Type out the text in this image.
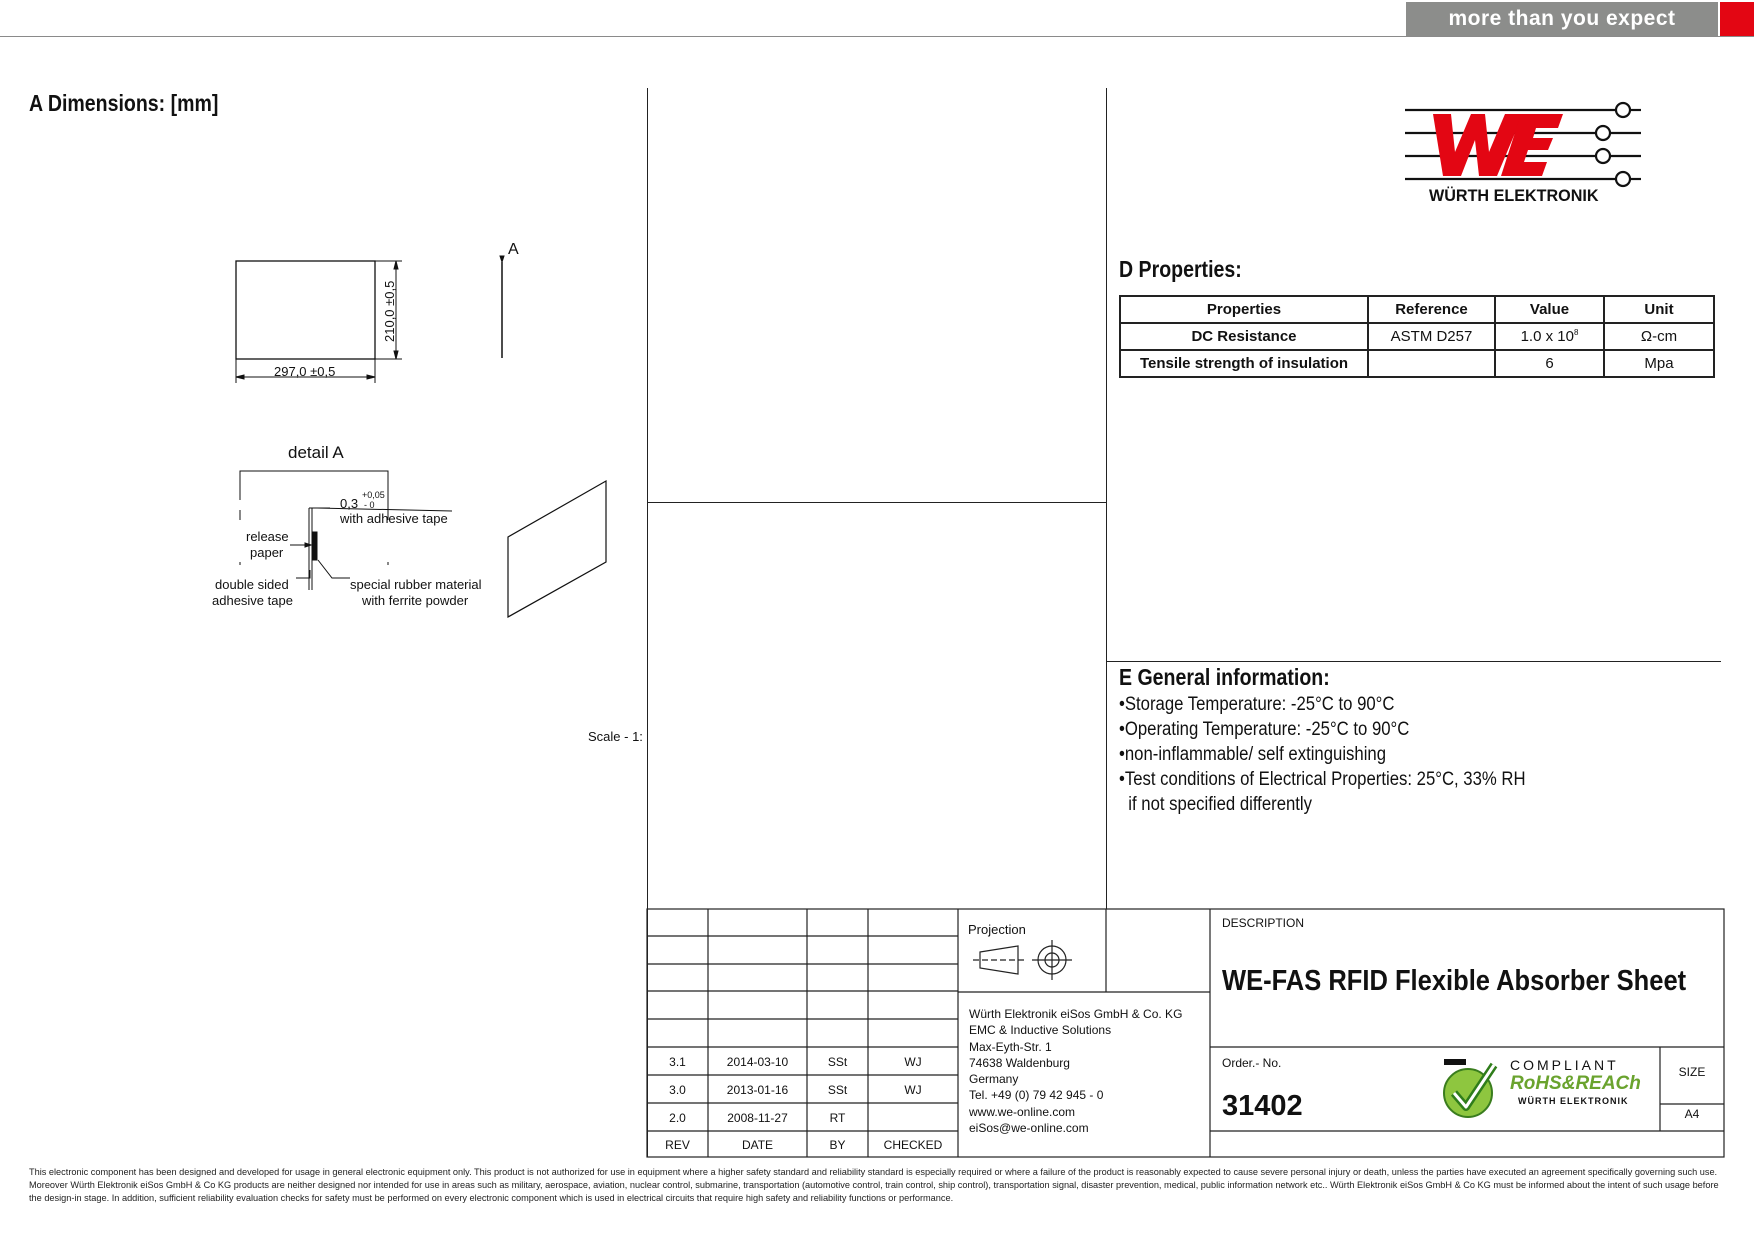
more than you expect
A Dimensions: [mm]
297,0 ±0,5
210,0 ±0,5
A
detail A
0,3
+0,05
- 0
with adhesive tape
release
paper
double sided
adhesive tape
special rubber material
with ferrite powder
Scale - 1:
WÜRTH ELEKTRONIK
D Properties:
Properties	Reference	Value	Unit
DC Resistance	ASTM D257	1.0 x $10^8$	Ω-cm
Tensile strength of insulation		6	Mpa
E General information:
•Storage Temperature: -25°C to 90°C
•Operating Temperature: -25°C to 90°C
•non-inflammable/ self extinguishing
•Test conditions of Electrical Properties: 25°C, 33% RH
if not specified differently
3.1	2014-03-10	SSt	WJ
3.0	2013-01-16	SSt	WJ
2.0	2008-11-27	RT
REV	DATE	BY	CHECKED
Projection
Würth Elektronik eiSos GmbH & Co. KG
EMC & Inductive Solutions
Max-Eyth-Str. 1
74638 Waldenburg
Germany
Tel. +49 (0) 79 42 945 - 0
www.we-online.com
eiSos@we-online.com
DESCRIPTION
WE-FAS RFID Flexible Absorber Sheet
Order.- No.
31402
COMPLIANT
RoHS&REACh
WÜRTH ELEKTRONIK
SIZE
A4
This electronic component has been designed and developed for usage in general electronic equipment only. This product is not authorized for use in equipment where a higher safety standard and reliability standard is especially required or where a failure of the product is reasonably expected to cause severe personal injury or death, unless the parties have executed an agreement specifically governing such use. Moreover Würth Elektronik eiSos GmbH & Co KG products are neither designed nor intended for use in areas such as military, aerospace, aviation, nuclear control, submarine, transportation (automotive control, train control, ship control), transportation signal, disaster prevention, medical, public information network etc.. Würth Elektronik eiSos GmbH & Co KG must be informed about the intent of such usage before the design-in stage. In addition, sufficient reliability evaluation checks for safety must be performed on every electronic component which is used in electrical circuits that require high safety and reliability functions or performance.
